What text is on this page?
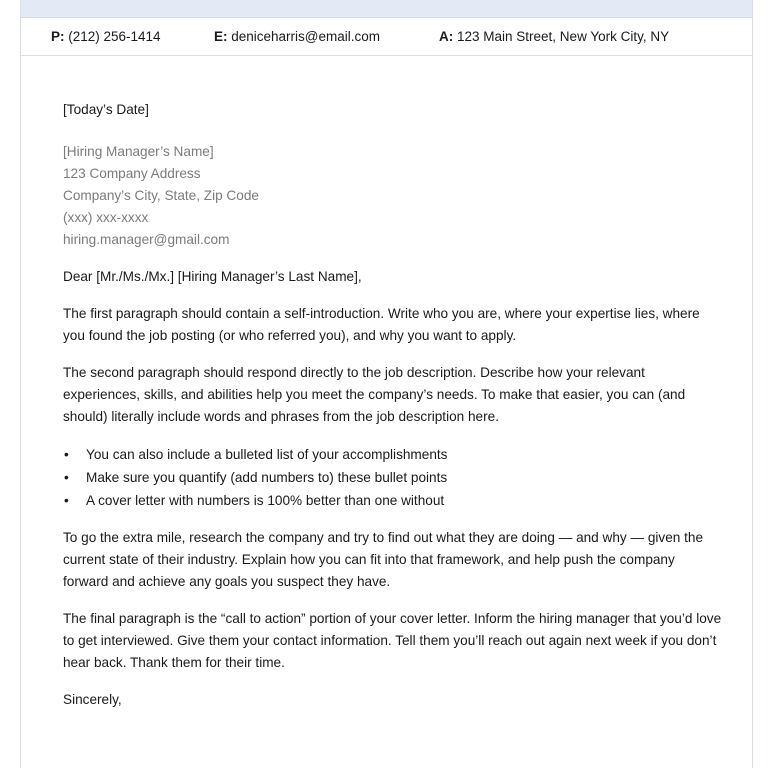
P: (212) 256-1414	E: deniceharris@email.com	A: 123 Main Street, New York City, NY

[Today’s Date]

[Hiring Manager’s Name]
123 Company Address
Company’s City, State, Zip Code
(xxx) xxx-xxxx
hiring.manager@gmail.com

Dear [Mr./Ms./Mx.] [Hiring Manager’s Last Name],

The first paragraph should contain a self-introduction. Write who you are, where your expertise lies, where you found the job posting (or who referred you), and why you want to apply.

The second paragraph should respond directly to the job description. Describe how your relevant experiences, skills, and abilities help you meet the company’s needs. To make that easier, you can (and should) literally include words and phrases from the job description here.

• You can also include a bulleted list of your accomplishments
• Make sure you quantify (add numbers to) these bullet points
• A cover letter with numbers is 100% better than one without

To go the extra mile, research the company and try to find out what they are doing — and why — given the current state of their industry. Explain how you can fit into that framework, and help push the company forward and achieve any goals you suspect they have.

The final paragraph is the “call to action” portion of your cover letter. Inform the hiring manager that you’d love to get interviewed. Give them your contact information. Tell them you’ll reach out again next week if you don’t hear back. Thank them for their time.

Sincerely,
